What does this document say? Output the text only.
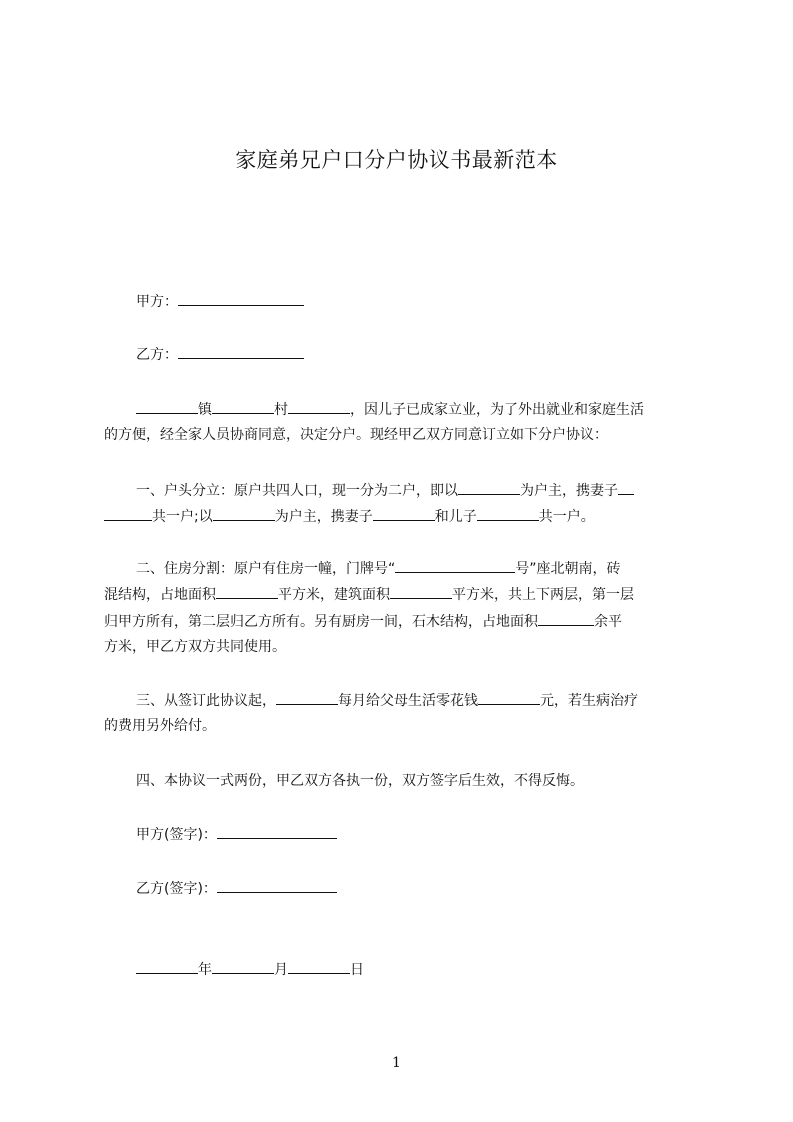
家庭弟兄户口分户协议书最新范本
甲方：
乙方：
镇	村	，因儿子已成家立业，为了外出就业和家庭生活
的方便，经全家人员协商同意，决定分户。现经甲乙双方同意订立如下分户协议：
一、户头分立：原户共四人口，现一分为二户，即以	为户主，携妻子
共一户;以	为户主，携妻子	和儿子	共一户。
二、住房分割：原户有住房一幢，门牌号“	号”座北朝南，砖
混结构，占地面积	平方米，建筑面积	平方米，共上下两层，第一层
归甲方所有，第二层归乙方所有。另有厨房一间，石木结构，占地面积	余平
方米，甲乙方双方共同使用。
三、从签订此协议起，	每月给父母生活零花钱	元，若生病治疗
的费用另外给付。
四、本协议一式两份，甲乙双方各执一份，双方签字后生效，不得反悔。
甲方(签字)：
乙方(签字)：
年	月	日
1
